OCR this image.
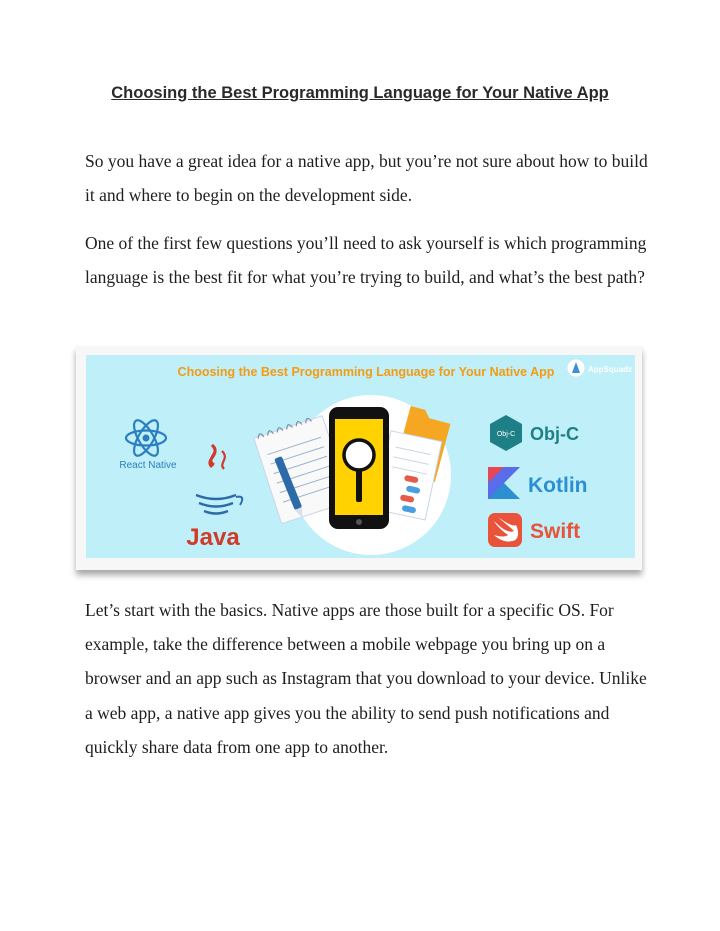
Choosing the Best Programming Language for Your Native App

So you have a great idea for a native app, but you’re not sure about how to build it and where to begin on the development side.

One of the first few questions you’ll need to ask yourself is which programming language is the best fit for what you’re trying to build, and what’s the best path?

Choosing the Best Programming Language for Your Native App	AppSquadz
React Native
Java
Obj-C Obj-C
Kotlin
Swift

Let’s start with the basics. Native apps are those built for a specific OS. For example, take the difference between a mobile webpage you bring up on a browser and an app such as Instagram that you download to your device. Unlike a web app, a native app gives you the ability to send push notifications and quickly share data from one app to another.
